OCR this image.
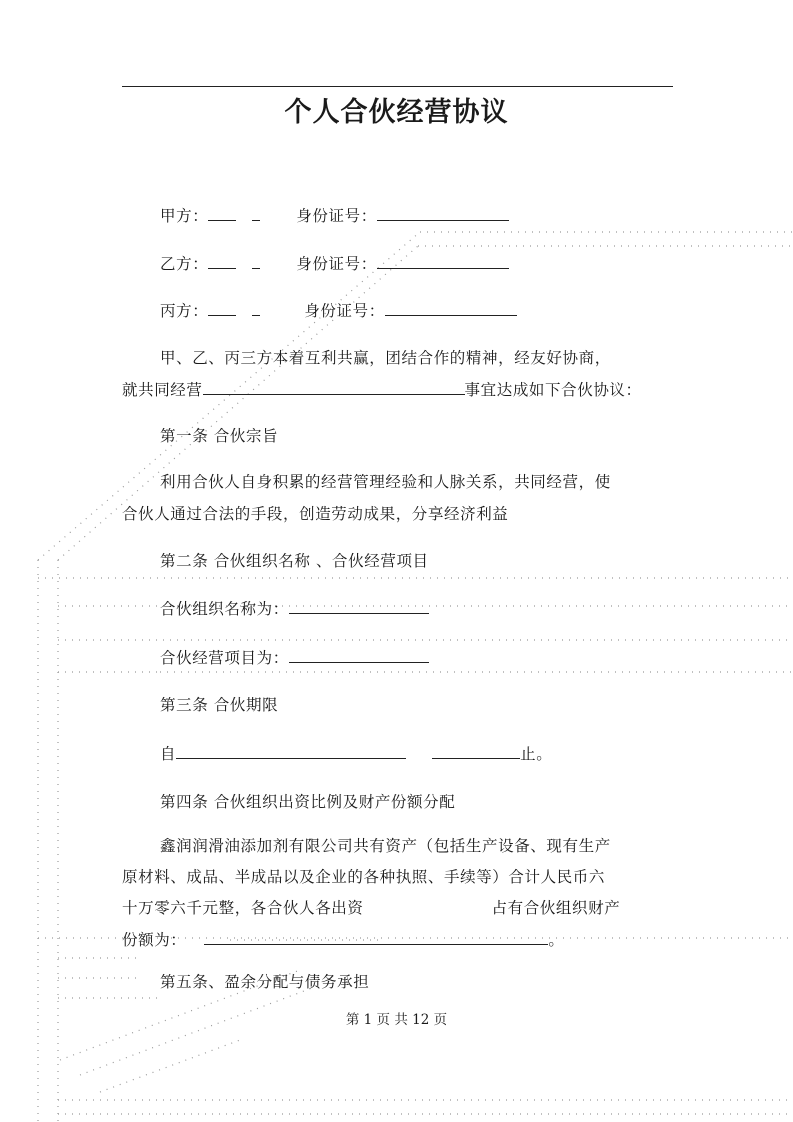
个人合伙经营协议
甲方：	身份证号：
乙方：	身份证号：
丙方：	身份证号：
甲、乙、丙三方本着互利共赢，团结合作的精神，经友好协商，
就共同经营	事宜达成如下合伙协议：
第一条 合伙宗旨
利用合伙人自身积累的经营管理经验和人脉关系，共同经营，使
合伙人通过合法的手段，创造劳动成果，分享经济利益
第二条 合伙组织名称 、合伙经营项目
合伙组织名称为：
合伙经营项目为：
第三条 合伙期限
自	止。
第四条 合伙组织出资比例及财产份额分配
鑫润润滑油添加剂有限公司共有资产（包括生产设备、现有生产
原材料、成品、半成品以及企业的各种执照、手续等）合计人民币六
十万零六千元整，各合伙人各出资	占有合伙组织财产
份额为：	。
第五条、盈余分配与债务承担
第 1 页 共 12 页
